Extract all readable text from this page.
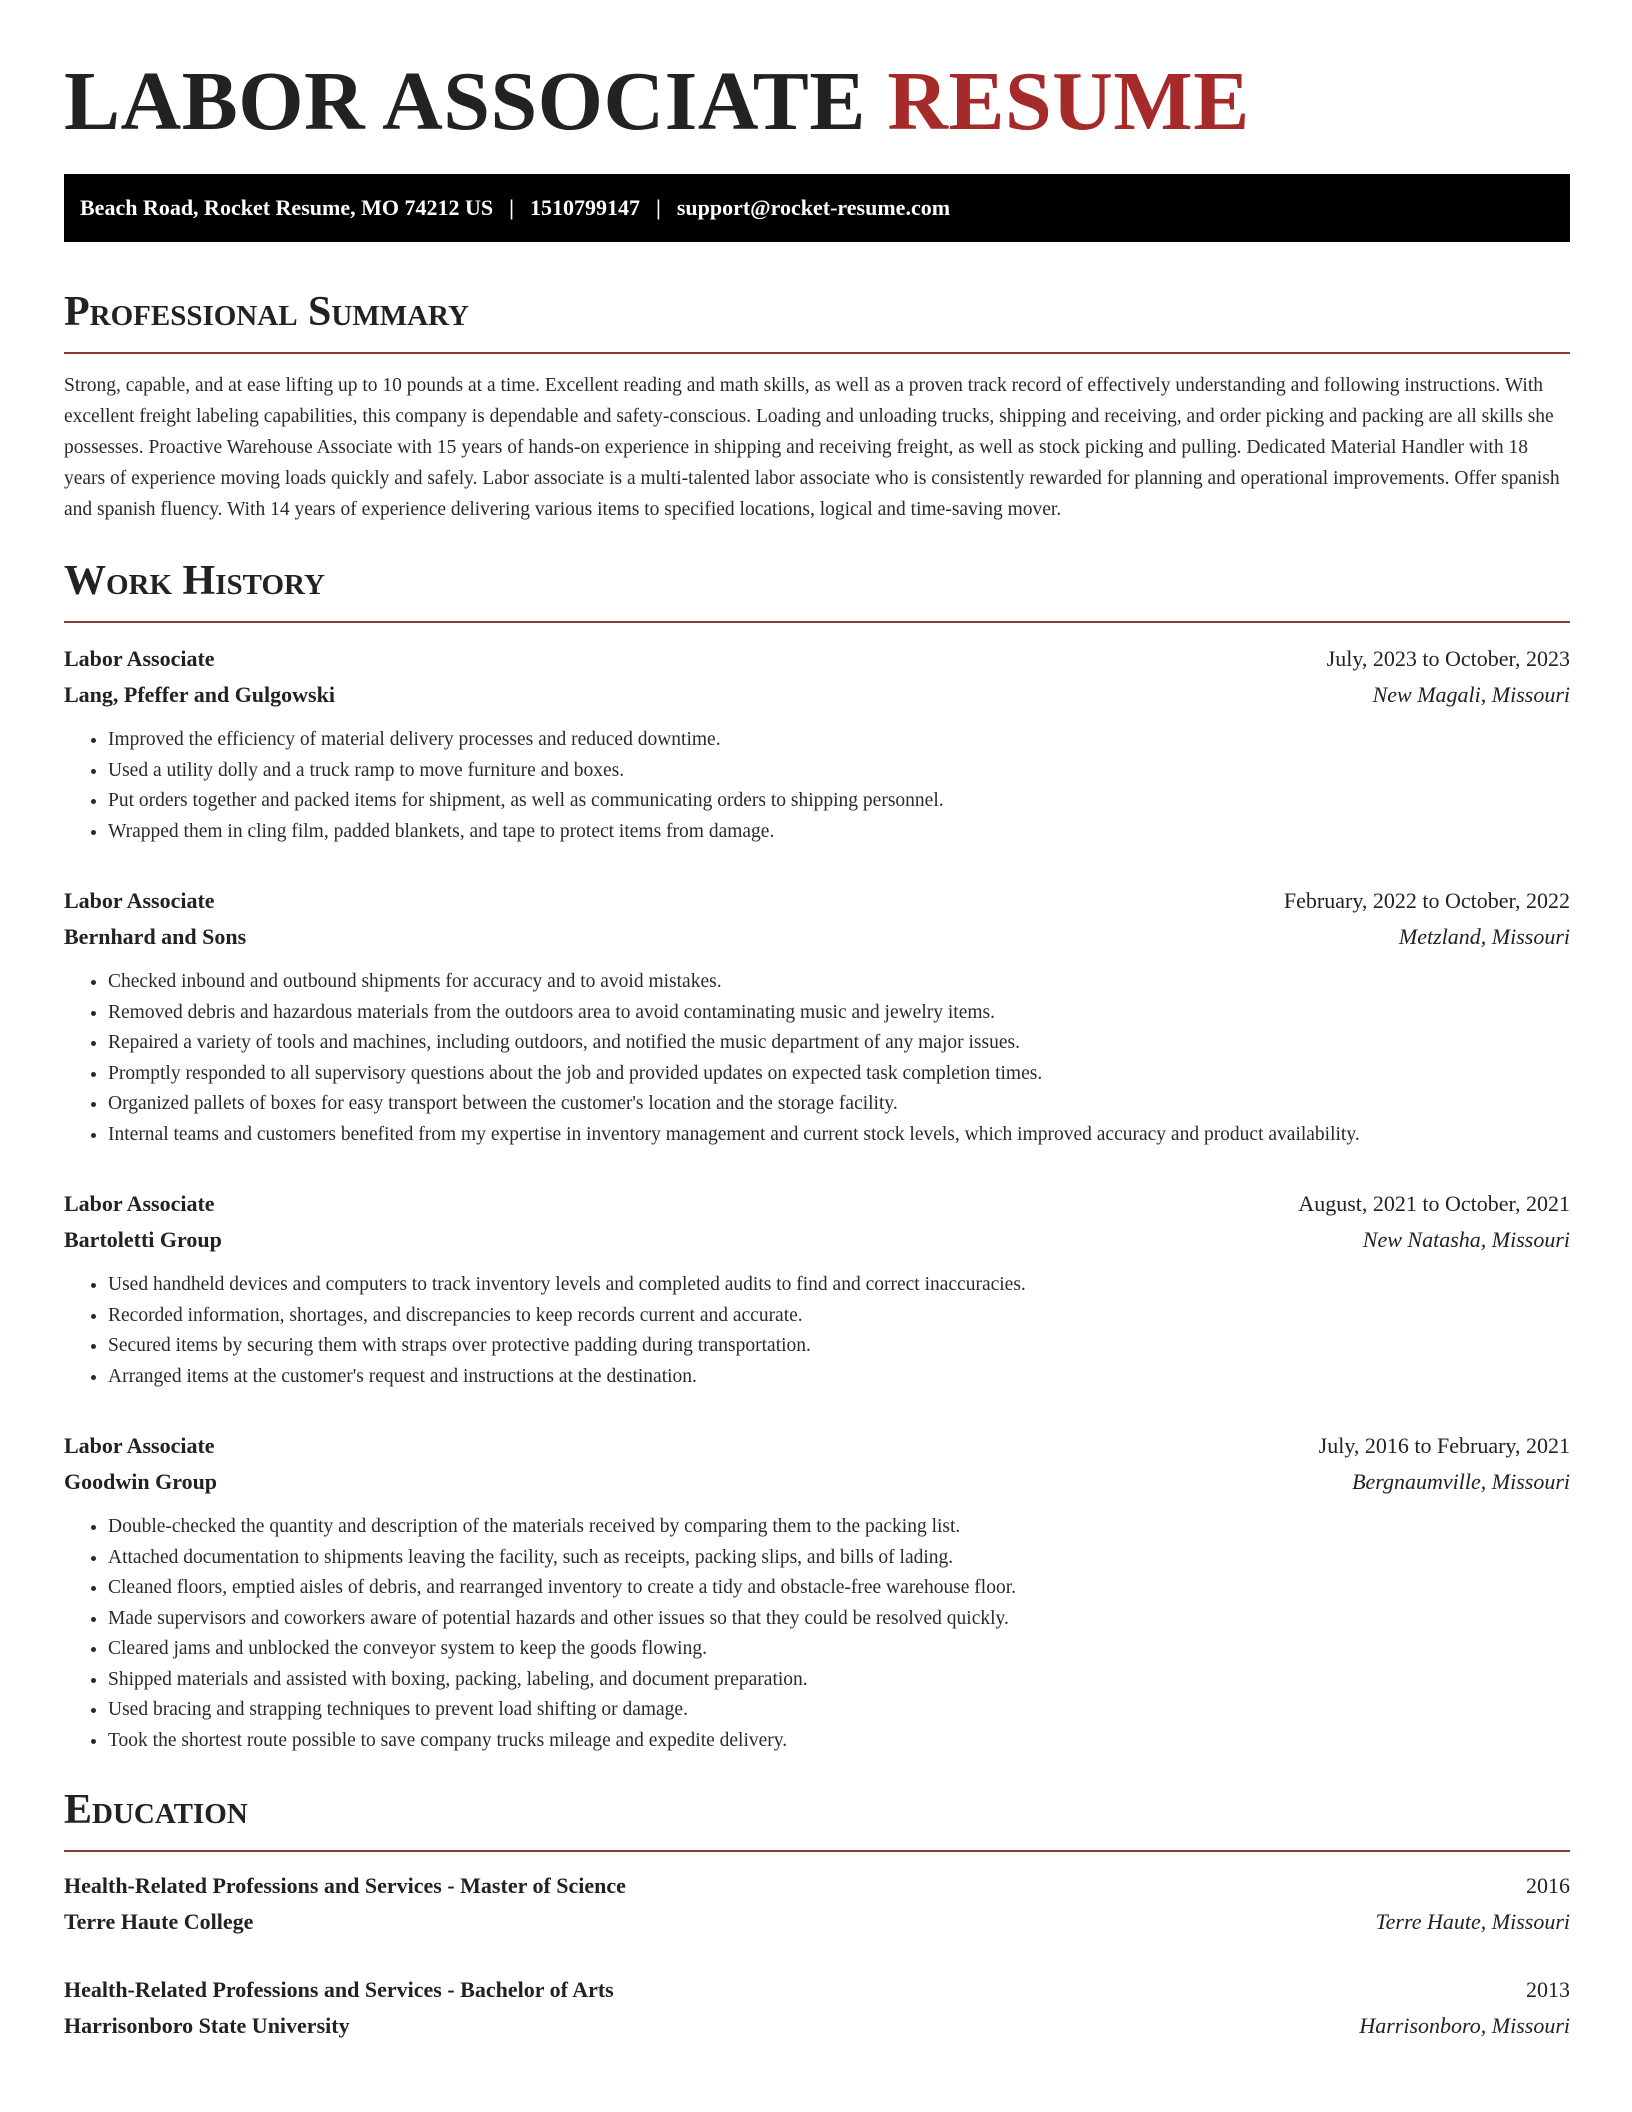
LABOR ASSOCIATE RESUME
Beach Road, Rocket Resume, MO 74212 US | 1510799147 | support@rocket-resume.com
Professional Summary

Strong, capable, and at ease lifting up to 10 pounds at a time. Excellent reading and math skills, as well as a proven track record of effectively understanding and following instructions. With excellent freight labeling capabilities, this company is dependable and safety-conscious. Loading and unloading trucks, shipping and receiving, and order picking and packing are all skills she possesses. Proactive Warehouse Associate with 15 years of hands-on experience in shipping and receiving freight, as well as stock picking and pulling. Dedicated Material Handler with 18 years of experience moving loads quickly and safely. Labor associate is a multi-talented labor associate who is consistently rewarded for planning and operational improvements. Offer spanish and spanish fluency. With 14 years of experience delivering various items to specified locations, logical and time-saving mover.

Work History
Labor Associate	July, 2023 to October, 2023
Lang, Pfeffer and Gulgowski	New Magali, Missouri
• Improved the efficiency of material delivery processes and reduced downtime.
• Used a utility dolly and a truck ramp to move furniture and boxes.
• Put orders together and packed items for shipment, as well as communicating orders to shipping personnel.
• Wrapped them in cling film, padded blankets, and tape to protect items from damage.
Labor Associate	February, 2022 to October, 2022
Bernhard and Sons	Metzland, Missouri
• Checked inbound and outbound shipments for accuracy and to avoid mistakes.
• Removed debris and hazardous materials from the outdoors area to avoid contaminating music and jewelry items.
• Repaired a variety of tools and machines, including outdoors, and notified the music department of any major issues.
• Promptly responded to all supervisory questions about the job and provided updates on expected task completion times.
• Organized pallets of boxes for easy transport between the customer's location and the storage facility.
• Internal teams and customers benefited from my expertise in inventory management and current stock levels, which improved accuracy and product availability.
Labor Associate	August, 2021 to October, 2021
Bartoletti Group	New Natasha, Missouri
• Used handheld devices and computers to track inventory levels and completed audits to find and correct inaccuracies.
• Recorded information, shortages, and discrepancies to keep records current and accurate.
• Secured items by securing them with straps over protective padding during transportation.
• Arranged items at the customer's request and instructions at the destination.
Labor Associate	July, 2016 to February, 2021
Goodwin Group	Bergnaumville, Missouri
• Double-checked the quantity and description of the materials received by comparing them to the packing list.
• Attached documentation to shipments leaving the facility, such as receipts, packing slips, and bills of lading.
• Cleaned floors, emptied aisles of debris, and rearranged inventory to create a tidy and obstacle-free warehouse floor.
• Made supervisors and coworkers aware of potential hazards and other issues so that they could be resolved quickly.
• Cleared jams and unblocked the conveyor system to keep the goods flowing.
• Shipped materials and assisted with boxing, packing, labeling, and document preparation.
• Used bracing and strapping techniques to prevent load shifting or damage.
• Took the shortest route possible to save company trucks mileage and expedite delivery.
Education
Health-Related Professions and Services - Master of Science	2016
Terre Haute College	Terre Haute, Missouri
Health-Related Professions and Services - Bachelor of Arts	2013
Harrisonboro State University	Harrisonboro, Missouri
